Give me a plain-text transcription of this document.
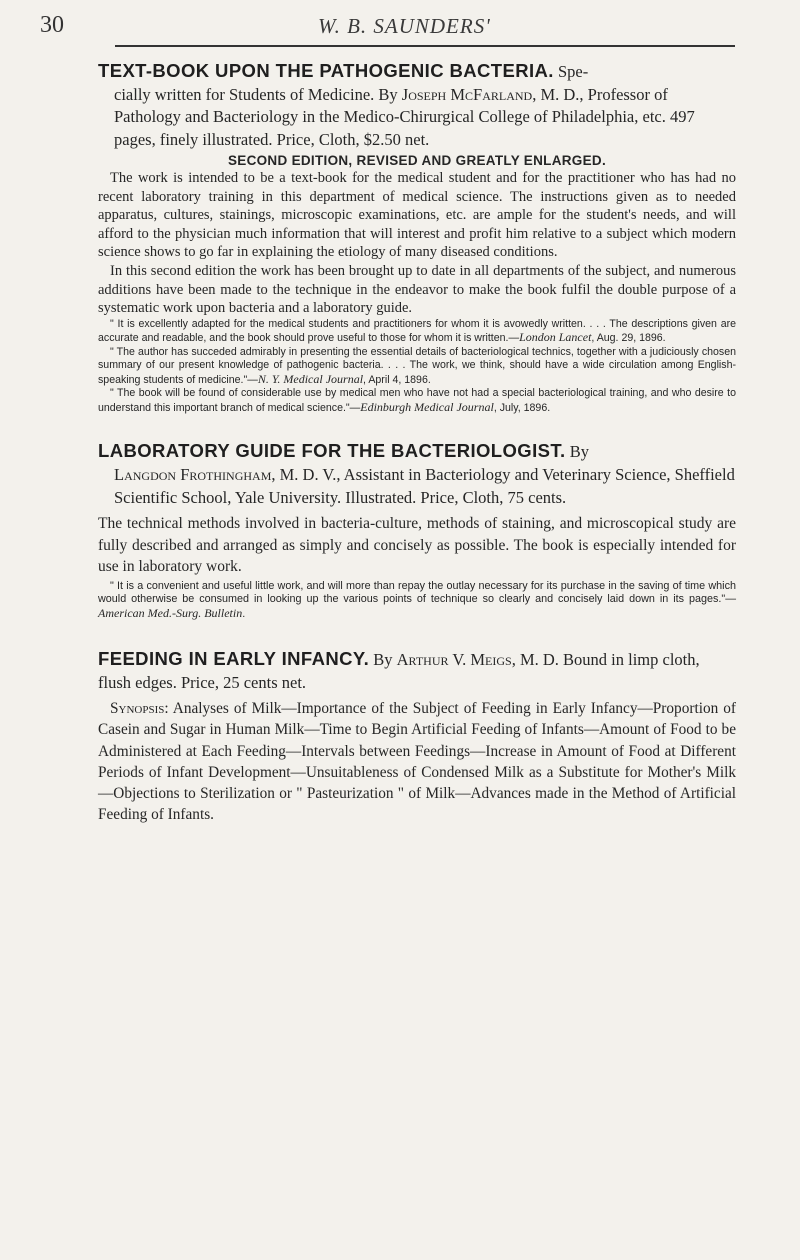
30	W. B. SAUNDERS'

TEXT-BOOK UPON THE PATHOGENIC BACTERIA. Spe-
cially written for Students of Medicine. By Joseph McFarland, M. D., Professor of Pathology and Bacteriology in the Medico-Chirurgical College of Philadelphia, etc. 497 pages, finely illustrated. Price, Cloth, $2.50 net.

SECOND EDITION, REVISED AND GREATLY ENLARGED.

The work is intended to be a text-book for the medical student and for the practitioner who has had no recent laboratory training in this department of medical science. The instructions given as to needed apparatus, cultures, stainings, microscopic examinations, etc. are ample for the student's needs, and will afford to the physician much information that will interest and profit him relative to a subject which modern science shows to go far in explaining the etiology of many diseased conditions.

In this second edition the work has been brought up to date in all departments of the subject, and numerous additions have been made to the technique in the endeavor to make the book fulfil the double purpose of a systematic work upon bacteria and a laboratory guide.

" It is excellently adapted for the medical students and practitioners for whom it is avowedly written. . . . The descriptions given are accurate and readable, and the book should prove useful to those for whom it is written.—London Lancet, Aug. 29, 1896.

" The author has succeded admirably in presenting the essential details of bacteriological technics, together with a judiciously chosen summary of our present knowledge of pathogenic bacteria. . . . The work, we think, should have a wide circulation among English-speaking students of medicine."—N. Y. Medical Journal, April 4, 1896.

" The book will be found of considerable use by medical men who have not had a special bacteriological training, and who desire to understand this important branch of medical science."—Edinburgh Medical Journal, July, 1896.

LABORATORY GUIDE FOR THE BACTERIOLOGIST. By
Langdon Frothingham, M. D. V., Assistant in Bacteriology and Veterinary Science, Sheffield Scientific School, Yale University. Illustrated. Price, Cloth, 75 cents.

The technical methods involved in bacteria-culture, methods of staining, and microscopical study are fully described and arranged as simply and concisely as possible. The book is especially intended for use in laboratory work.

" It is a convenient and useful little work, and will more than repay the outlay necessary for its purchase in the saving of time which would otherwise be consumed in looking up the various points of technique so clearly and concisely laid down in its pages."—American Med.-Surg. Bulletin.

FEEDING IN EARLY INFANCY. By Arthur V. Meigs, M. D. Bound in limp cloth, flush edges. Price, 25 cents net.

Synopsis: Analyses of Milk—Importance of the Subject of Feeding in Early Infancy—Proportion of Casein and Sugar in Human Milk—Time to Begin Artificial Feeding of Infants—Amount of Food to be Administered at Each Feeding—Intervals between Feedings—Increase in Amount of Food at Different Periods of Infant Development—Unsuitableness of Condensed Milk as a Substitute for Mother's Milk—Objections to Sterilization or " Pasteurization " of Milk—Advances made in the Method of Artificial Feeding of Infants.
